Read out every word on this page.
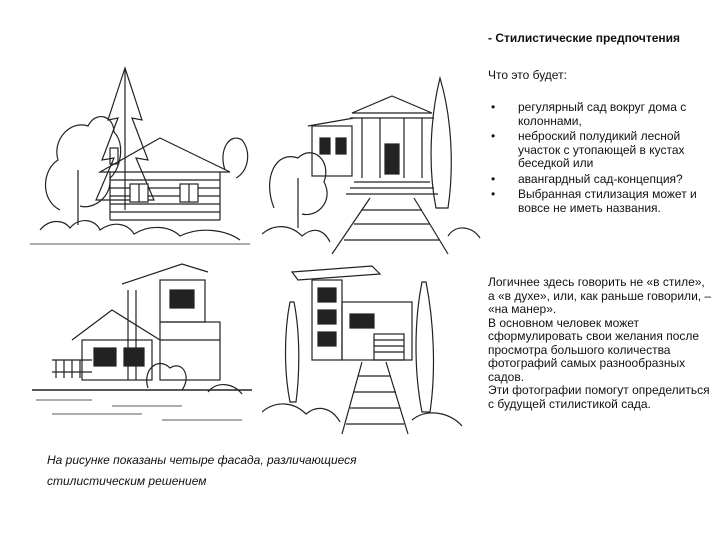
- Стилистические предпочтения
Что это будет:
• регулярный сад вокруг дома с колоннами,
• неброский полудикий лесной участок с утопающей в кустах беседкой или
• авангардный сад-концепция?
• Выбранная стилизация может и вовсе не иметь названия.

Логичнее здесь говорить не «в стиле», а «в духе», или, как раньше говорили, – «на манер».

В основном человек может сформулировать свои желания после просмотра большого количества фотографий самых разнообразных садов.

Эти фотографии помогут определиться с будущей стилистикой сада.

На рисунке показаны четыре фасада, различающиеся стилистическим решением
